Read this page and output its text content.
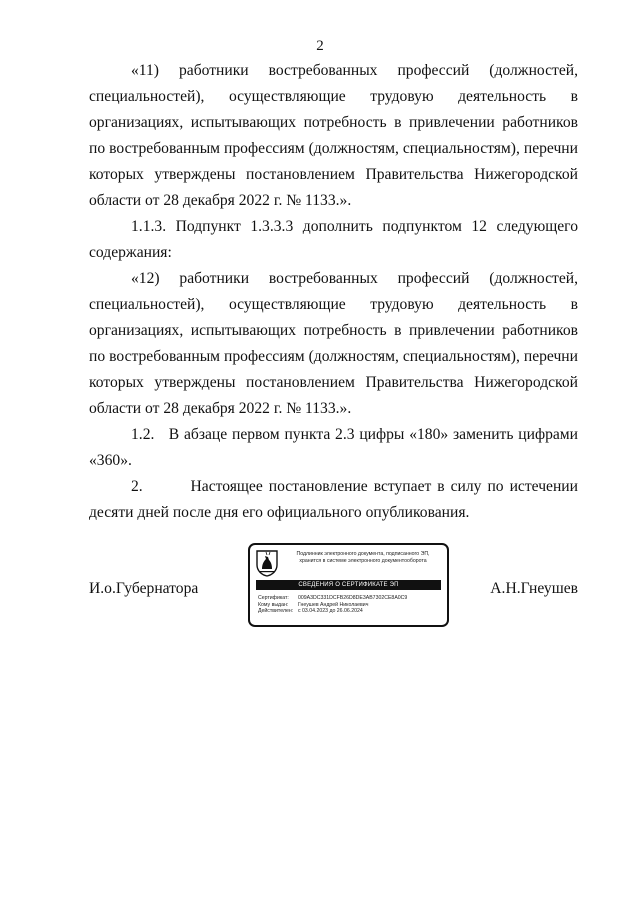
2

«11) работники востребованных профессий (должностей, специальностей), осуществляющие трудовую деятельность в организациях, испытывающих потребность в привлечении работников по востребованным профессиям (должностям, специальностям), перечни которых утверждены постановлением Правительства Нижегородской области от 28 декабря 2022 г. № 1133.».

1.1.3. Подпункт 1.3.3.3 дополнить подпунктом 12 следующего содержания:

«12) работники востребованных профессий (должностей, специальностей), осуществляющие трудовую деятельность в организациях, испытывающих потребность в привлечении работников по востребованным профессиям (должностям, специальностям), перечни которых утверждены постановлением Правительства Нижегородской области от 28 декабря 2022 г. № 1133.».

1.2.   В абзаце первом пункта 2.3 цифры «180» заменить цифрами «360».

2.        Настоящее постановление вступает в силу по истечении десяти дней после дня его официального опубликования.

И.о.Губернатора
Подлинник электронного документа, подписанного ЭП,
хранится в системе электронного документооборота
СВЕДЕНИЯ О СЕРТИФИКАТЕ ЭП
Сертификат: 009A3DC331DCFB26D8DE3AB7302CE8A0C9
Кому выдан: Гнеушев Андрей Николаевич
Действителен: с 03.04.2023 до 26.06.2024
А.Н.Гнеушев
